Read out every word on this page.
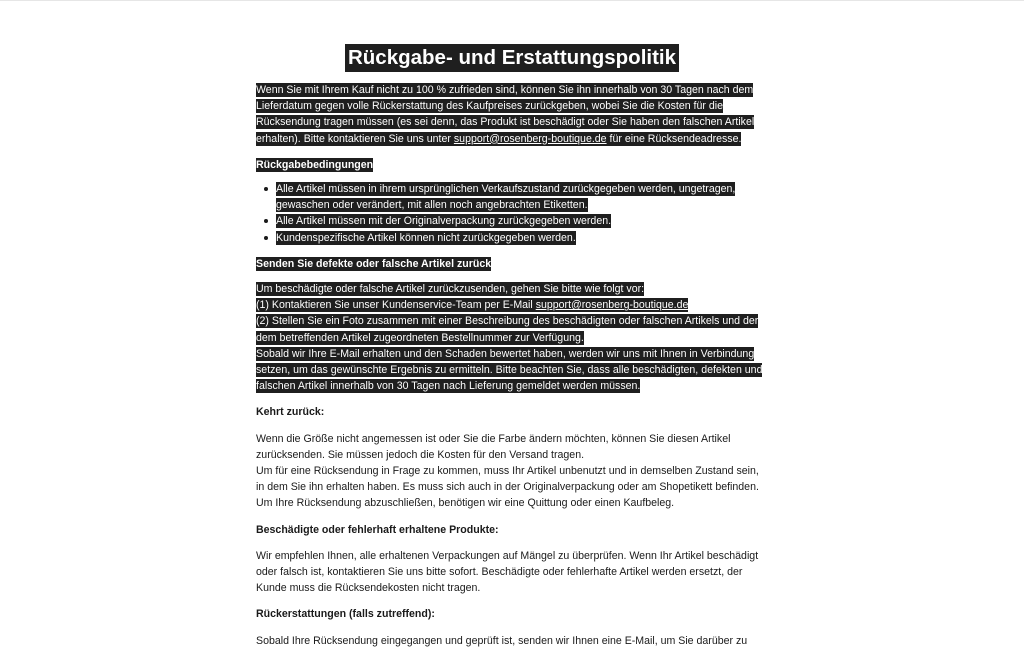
Rückgabe- und Erstattungspolitik

Wenn Sie mit Ihrem Kauf nicht zu 100 % zufrieden sind, können Sie ihn innerhalb von 30 Tagen nach dem Lieferdatum gegen volle Rückerstattung des Kaufpreises zurückgeben, wobei Sie die Kosten für die Rücksendung tragen müssen (es sei denn, das Produkt ist beschädigt oder Sie haben den falschen Artikel erhalten). Bitte kontaktieren Sie uns unter support@rosenberg-boutique.de für eine Rücksendeadresse.

Rückgabebedingungen
Alle Artikel müssen in ihrem ursprünglichen Verkaufszustand zurückgegeben werden, ungetragen, gewaschen oder verändert, mit allen noch angebrachten Etiketten.
Alle Artikel müssen mit der Originalverpackung zurückgegeben werden.
Kundenspezifische Artikel können nicht zurückgegeben werden.
Senden Sie defekte oder falsche Artikel zurück

Um beschädigte oder falsche Artikel zurückzusenden, gehen Sie bitte wie folgt vor:
(1) Kontaktieren Sie unser Kundenservice-Team per E-Mail support@rosenberg-boutique.de
(2) Stellen Sie ein Foto zusammen mit einer Beschreibung des beschädigten oder falschen Artikels und der dem betreffenden Artikel zugeordneten Bestellnummer zur Verfügung.
Sobald wir Ihre E-Mail erhalten und den Schaden bewertet haben, werden wir uns mit Ihnen in Verbindung setzen, um das gewünschte Ergebnis zu ermitteln. Bitte beachten Sie, dass alle beschädigten, defekten und falschen Artikel innerhalb von 30 Tagen nach Lieferung gemeldet werden müssen.

Kehrt zurück:

Wenn die Größe nicht angemessen ist oder Sie die Farbe ändern möchten, können Sie diesen Artikel zurücksenden. Sie müssen jedoch die Kosten für den Versand tragen.
Um für eine Rücksendung in Frage zu kommen, muss Ihr Artikel unbenutzt und in demselben Zustand sein, in dem Sie ihn erhalten haben. Es muss sich auch in der Originalverpackung oder am Shopetikett befinden.
Um Ihre Rücksendung abzuschließen, benötigen wir eine Quittung oder einen Kaufbeleg.

Beschädigte oder fehlerhaft erhaltene Produkte:

Wir empfehlen Ihnen, alle erhaltenen Verpackungen auf Mängel zu überprüfen. Wenn Ihr Artikel beschädigt oder falsch ist, kontaktieren Sie uns bitte sofort. Beschädigte oder fehlerhafte Artikel werden ersetzt, der Kunde muss die Rücksendekosten nicht tragen.

Rückerstattungen (falls zutreffend):

Sobald Ihre Rücksendung eingegangen und geprüft ist, senden wir Ihnen eine E-Mail, um Sie darüber zu
